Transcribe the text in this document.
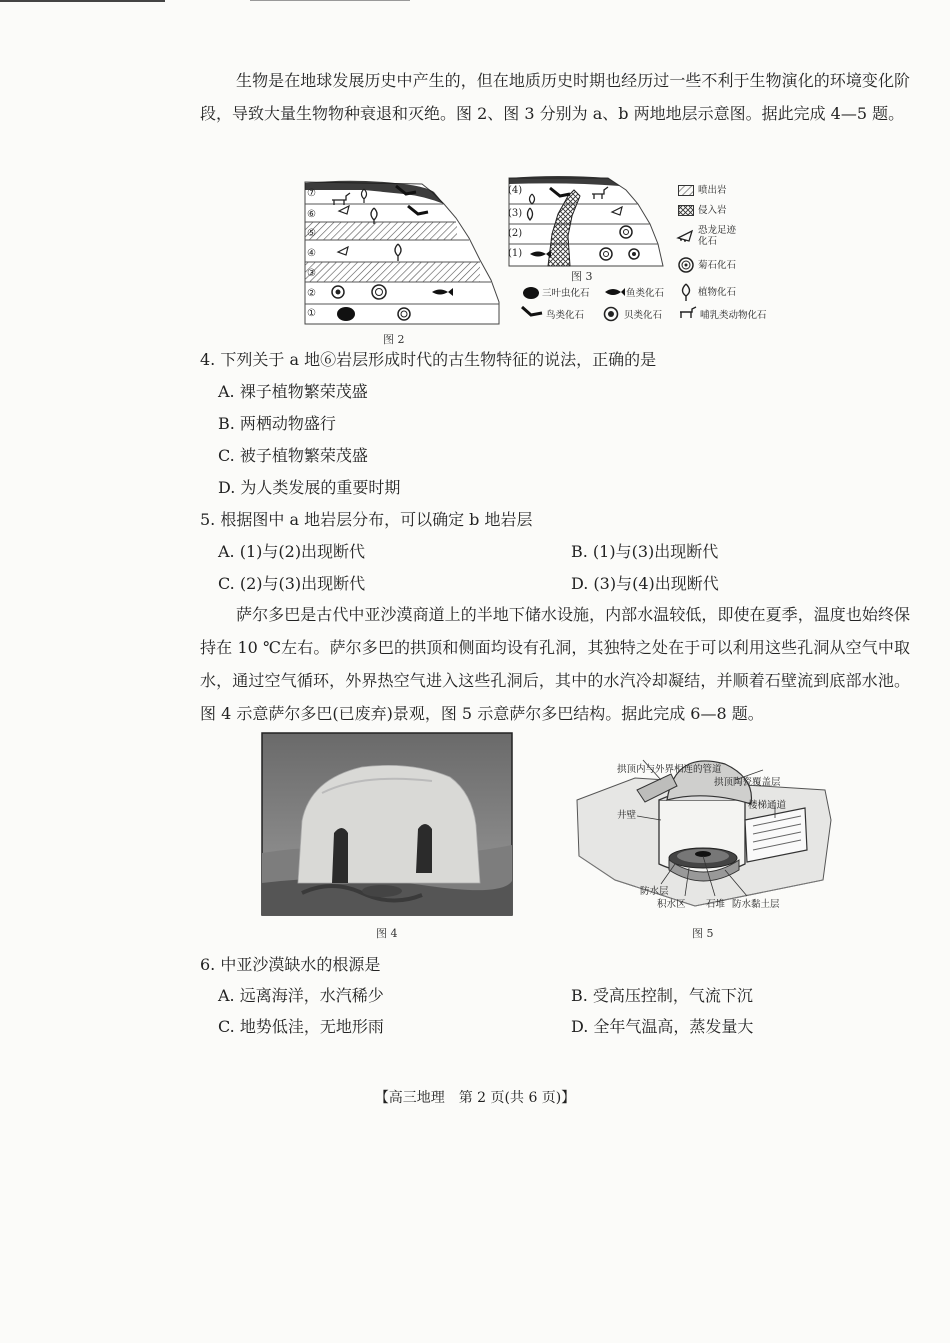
生物是在地球发展历史中产生的，但在地质历史时期也经历过一些不利于生物演化的环境变化阶段，导致大量生物物种衰退和灭绝。图 2、图 3 分别为 a、b 两地地层示意图。据此完成 4—5 题。

⑦
⑥
⑤
④
③
②
①
图 2
(4)
(3)
(2)
(1)
图 3
喷出岩
侵入岩
恐龙足迹化石
菊石化石
植物化石
三叶虫化石	鱼类化石
鸟类化石	贝类化石	哺乳类动物化石
4. 下列关于 a 地⑥岩层形成时代的古生物特征的说法，正确的是
A. 裸子植物繁荣茂盛
B. 两栖动物盛行
C. 被子植物繁荣茂盛
D. 为人类发展的重要时期
5. 根据图中 a 地岩层分布，可以确定 b 地岩层
A. (1)与(2)出现断代	B. (1)与(3)出现断代
C. (2)与(3)出现断代	D. (3)与(4)出现断代

萨尔多巴是古代中亚沙漠商道上的半地下储水设施，内部水温较低，即使在夏季，温度也始终保持在 10 ℃左右。萨尔多巴的拱顶和侧面均设有孔洞，其独特之处在于可以利用这些孔洞从空气中取水，通过空气循环，外界热空气进入这些孔洞后，其中的水汽冷却凝结，并顺着石壁流到底部水池。图 4 示意萨尔多巴(已废弃)景观，图 5 示意萨尔多巴结构。据此完成 6—8 题。

图 4
拱顶内与外界相连的管道
拱顶陶瓷覆盖层
楼梯通道
井壁
防水层
积水区 石堆 防水黏土层
图 5
6. 中亚沙漠缺水的根源是
A. 远离海洋，水汽稀少	B. 受高压控制，气流下沉
C. 地势低洼，无地形雨	D. 全年气温高，蒸发量大
【高三地理　第 2 页(共 6 页)】
